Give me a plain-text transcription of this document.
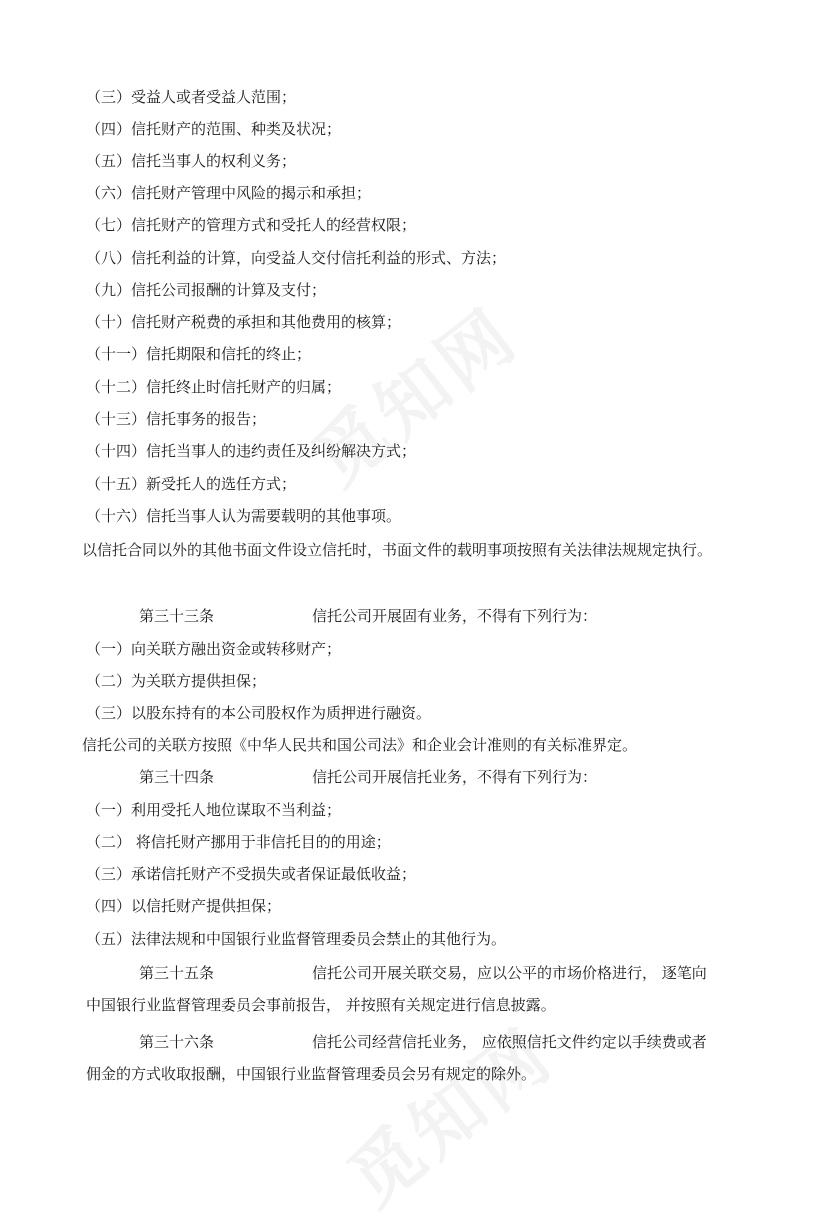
（三）受益人或者受益人范围；
（四）信托财产的范围、种类及状况；
（五）信托当事人的权利义务；
（六）信托财产管理中风险的揭示和承担；
（七）信托财产的管理方式和受托人的经营权限；
（八）信托利益的计算，向受益人交付信托利益的形式、方法；
（九）信托公司报酬的计算及支付；
（十）信托财产税费的承担和其他费用的核算；
（十一）信托期限和信托的终止；
（十二）信托终止时信托财产的归属；
（十三）信托事务的报告；
（十四）信托当事人的违约责任及纠纷解决方式；
（十五）新受托人的选任方式；
（十六）信托当事人认为需要载明的其他事项。
以信托合同以外的其他书面文件设立信托时，书面文件的载明事项按照有关法律法规规定执行。
第三十三条	信托公司开展固有业务，不得有下列行为：
（一）向关联方融出资金或转移财产；
（二）为关联方提供担保；
（三）以股东持有的本公司股权作为质押进行融资。
信托公司的关联方按照《中华人民共和国公司法》和企业会计准则的有关标准界定。
第三十四条	信托公司开展信托业务，不得有下列行为：
（一）利用受托人地位谋取不当利益；
（二） 将信托财产挪用于非信托目的的用途；
（三）承诺信托财产不受损失或者保证最低收益；
（四）以信托财产提供担保；
（五）法律法规和中国银行业监督管理委员会禁止的其他行为。
第三十五条	信托公司开展关联交易，应以公平的市场价格进行， 逐笔向
中国银行业监督管理委员会事前报告， 并按照有关规定进行信息披露。
第三十六条	信托公司经营信托业务， 应依照信托文件约定以手续费或者
佣金的方式收取报酬，中国银行业监督管理委员会另有规定的除外。
